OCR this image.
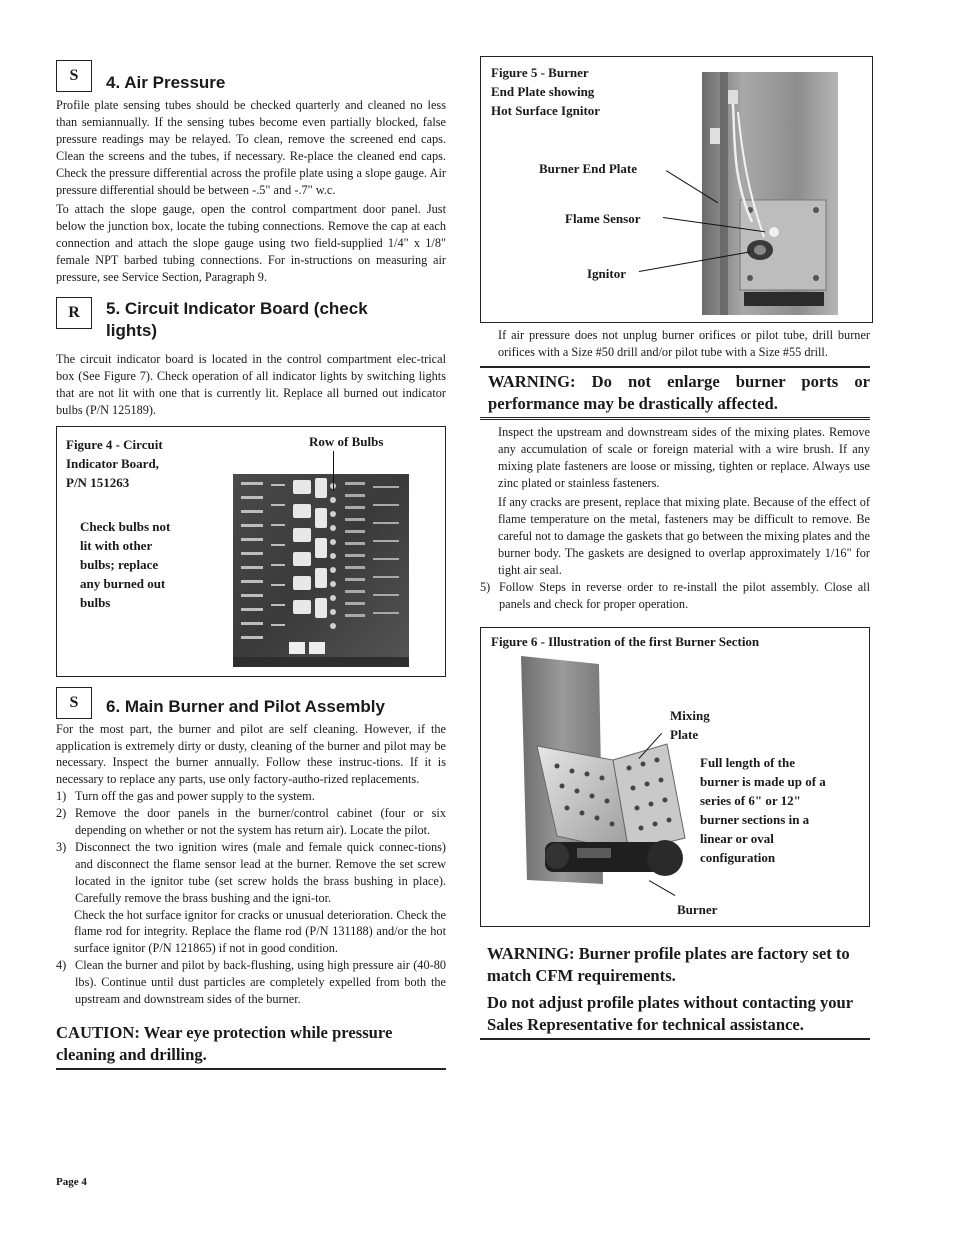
S	4. Air Pressure

Profile plate sensing tubes should be checked quarterly and cleaned no less than semiannually. If the sensing tubes become even partially blocked, false pressure readings may be relayed. To clean, remove the screened end caps. Clean the screens and the tubes, if necessary. Re-place the cleaned end caps. Check the pressure differential across the profile plate using a slope gauge. Air pressure differential should be between -.5" and -.7" w.c.

To attach the slope gauge, open the control compartment door panel. Just below the junction box, locate the tubing connections. Remove the cap at each connection and attach the slope gauge using two field-supplied 1/4" x 1/8" female NPT barbed tubing connections. For in-structions on measuring air pressure, see Service Section, Paragraph 9.

R	5. Circuit Indicator Board (check lights)

The circuit indicator board is located in the control compartment elec-trical box (See Figure 7). Check operation of all indicator lights by switching lights that are not lit with one that is currently lit. Replace all burned out indicator bulbs (P/N 125189).

Figure 4 - Circuit
Indicator Board,
P/N 151263
Row of Bulbs
Check bulbs not
lit with other
bulbs; replace
any burned out
bulbs
S	6. Main Burner and Pilot Assembly

For the most part, the burner and pilot are self cleaning. However, if the application is extremely dirty or dusty, cleaning of the burner and pilot may be necessary. Inspect the burner annually. Follow these instruc-tions. If it is necessary to replace any parts, use only factory-autho-rized replacements.

1) Turn off the gas and power supply to the system.
2) Remove the door panels in the burner/control cabinet (four or six depending on whether or not the system has return air). Locate the pilot.
3) Disconnect the two ignition wires (male and female quick connec-tions) and disconnect the flame sensor lead at the burner. Remove the set screw located in the ignitor tube (set screw holds the brass bushing in place). Carefully remove the brass bushing and the igni-tor.

Check the hot surface ignitor for cracks or unusual deterioration. Check the flame rod for integrity. Replace the flame rod (P/N 131188) and/or the hot surface ignitor (P/N 121865) if not in good condition.

4) Clean the burner and pilot by back-flushing, using high pressure air (40-80 lbs). Continue until dust particles are completely expelled from both the upstream and downstream sides of the burner.

CAUTION: Wear eye protection while pressure cleaning and drilling.

Figure 5 - Burner
End Plate showing
Hot Surface Ignitor
Burner End Plate
Flame Sensor
Ignitor

If air pressure does not unplug burner orifices or pilot tube, drill burner orifices with a Size #50 drill and/or pilot tube with a Size #55 drill.

WARNING: Do not enlarge burner ports or performance may be drastically affected.

Inspect the upstream and downstream sides of the mixing plates. Remove any accumulation of scale or foreign material with a wire brush. If any mixing plate fasteners are loose or missing, tighten or replace. Always use zinc plated or stainless fasteners.

If any cracks are present, replace that mixing plate. Because of the effect of flame temperature on the metal, fasteners may be difficult to remove. Be careful not to damage the gaskets that go between the mixing plates and the burner body. The gaskets are designed to overlap approximately 1/16" for tight air seal.

5) Follow Steps in reverse order to re-install the pilot assembly. Close all panels and check for proper operation.
Figure 6 - Illustration of the first Burner Section
Mixing
Plate
Full length of the
burner is made up of a
series of 6" or 12"
burner sections in a
linear or oval
configuration
Burner

WARNING: Burner profile plates are factory set to match CFM requirements.

Do not adjust profile plates without contacting your Sales Representative for technical assistance.

Page 4
